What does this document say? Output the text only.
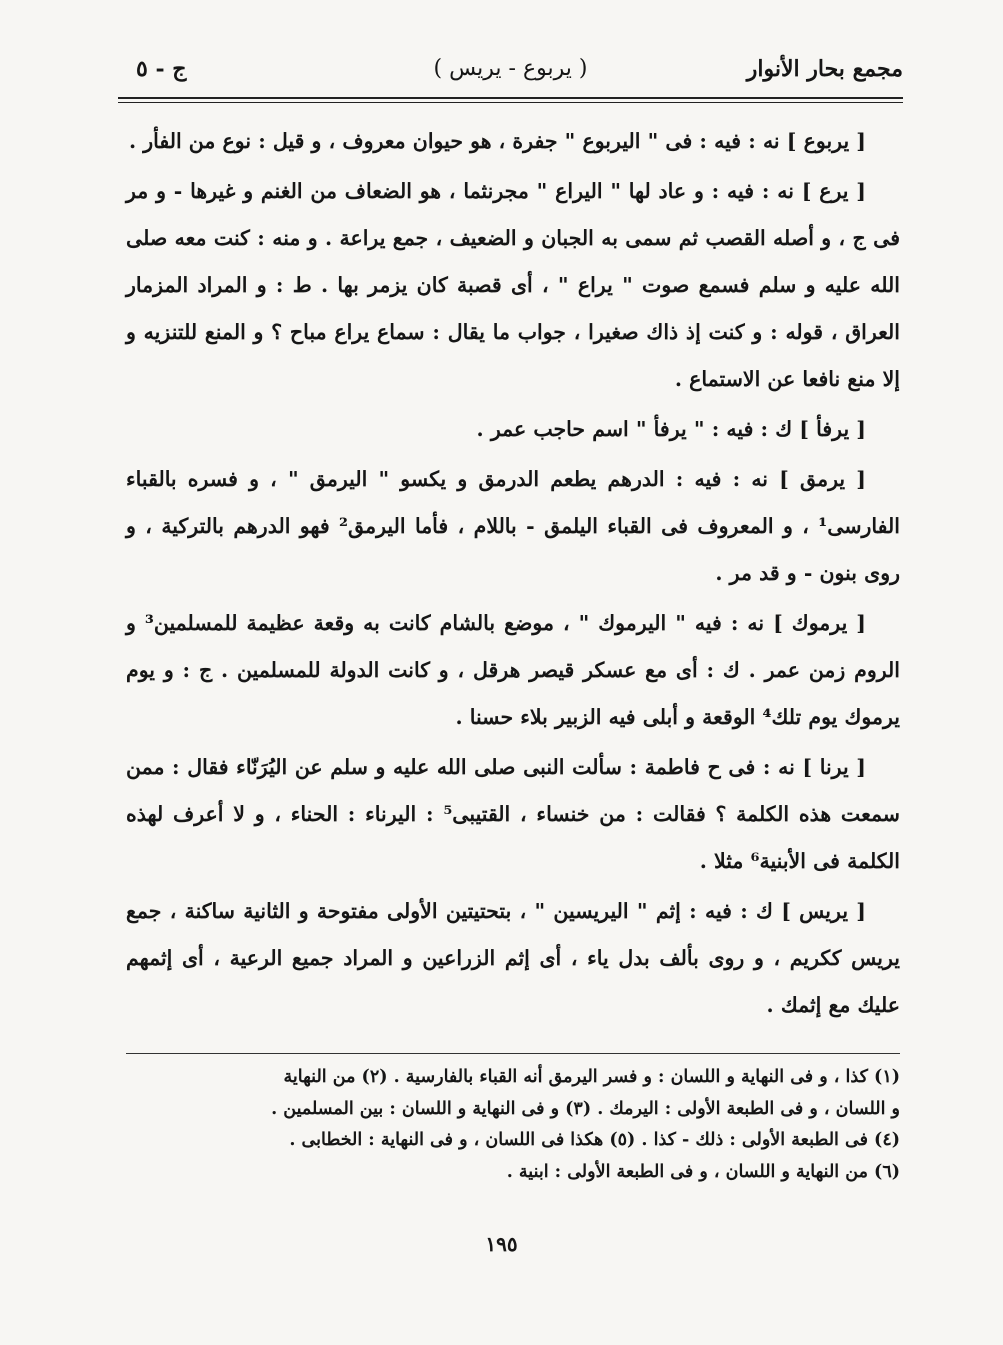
مجمع بحار الأنوار
( يربوع - يريس )
ج - ٥

[ يربوع ] نه : فيه : فى " اليربوع " جفرة ، هو حيوان معروف ، و قيل : نوع من الفأر .

[ يرع ] نه : فيه : و عاد لها " اليراع " مجرنثما ، هو الضعاف من الغنم و غيرها - و مر فى ج ، و أصله القصب ثم سمى به الجبان و الضعيف ، جمع يراعة . و منه : كنت معه صلى الله عليه و سلم فسمع صوت " يراع " ، أى قصبة كان يزمر بها . ط : و المراد المزمار العراق ، قوله : و كنت إذ ذاك صغيرا ، جواب ما يقال : سماع يراع مباح ؟ و المنع للتنزيه و إلا منع نافعا عن الاستماع .

[ يرفأ ] ك : فيه : " يرفأ " اسم حاجب عمر .

[ يرمق ] نه : فيه : الدرهم يطعم الدرمق و يكسو " اليرمق " ، و فسره بالقباء الفارسى¹ ، و المعروف فى القباء اليلمق - باللام ، فأما اليرمق² فهو الدرهم بالتركية ، و روى بنون - و قد مر .

[ يرموك ] نه : فيه " اليرموك " ، موضع بالشام كانت به وقعة عظيمة للمسلمين³ و الروم زمن عمر . ك : أى مع عسكر قيصر هرقل ، و كانت الدولة للمسلمين . ج : و يوم يرموك يوم تلك⁴ الوقعة و أبلى فيه الزبير بلاء حسنا .

[ يرنا ] نه : فى ح فاطمة : سألت النبى صلى الله عليه و سلم عن اليُرَنّاء فقال : ممن سمعت هذه الكلمة ؟ فقالت : من خنساء ، القتيبى⁵ : اليرناء : الحناء ، و لا أعرف لهذه الكلمة فى الأبنية⁶ مثلا .

[ يريس ] ك : فيه : إثم " اليريسين " ، بتحتيتين الأولى مفتوحة و الثانية ساكنة ، جمع يريس ككريم ، و روى بألف بدل ياء ، أى إثم الزراعين و المراد جميع الرعية ، أى إثمهم عليك مع إثمك .

(١) كذا ، و فى النهاية و اللسان : و فسر اليرمق أنه القباء بالفارسية . (٢) من النهاية
و اللسان ، و فى الطبعة الأولى : اليرمك . (٣) و فى النهاية و اللسان : بين المسلمين .
(٤) فى الطبعة الأولى : ذلك - كذا . (٥) هكذا فى اللسان ، و فى النهاية : الخطابى .
(٦) من النهاية و اللسان ، و فى الطبعة الأولى : ابنية .
١٩٥
